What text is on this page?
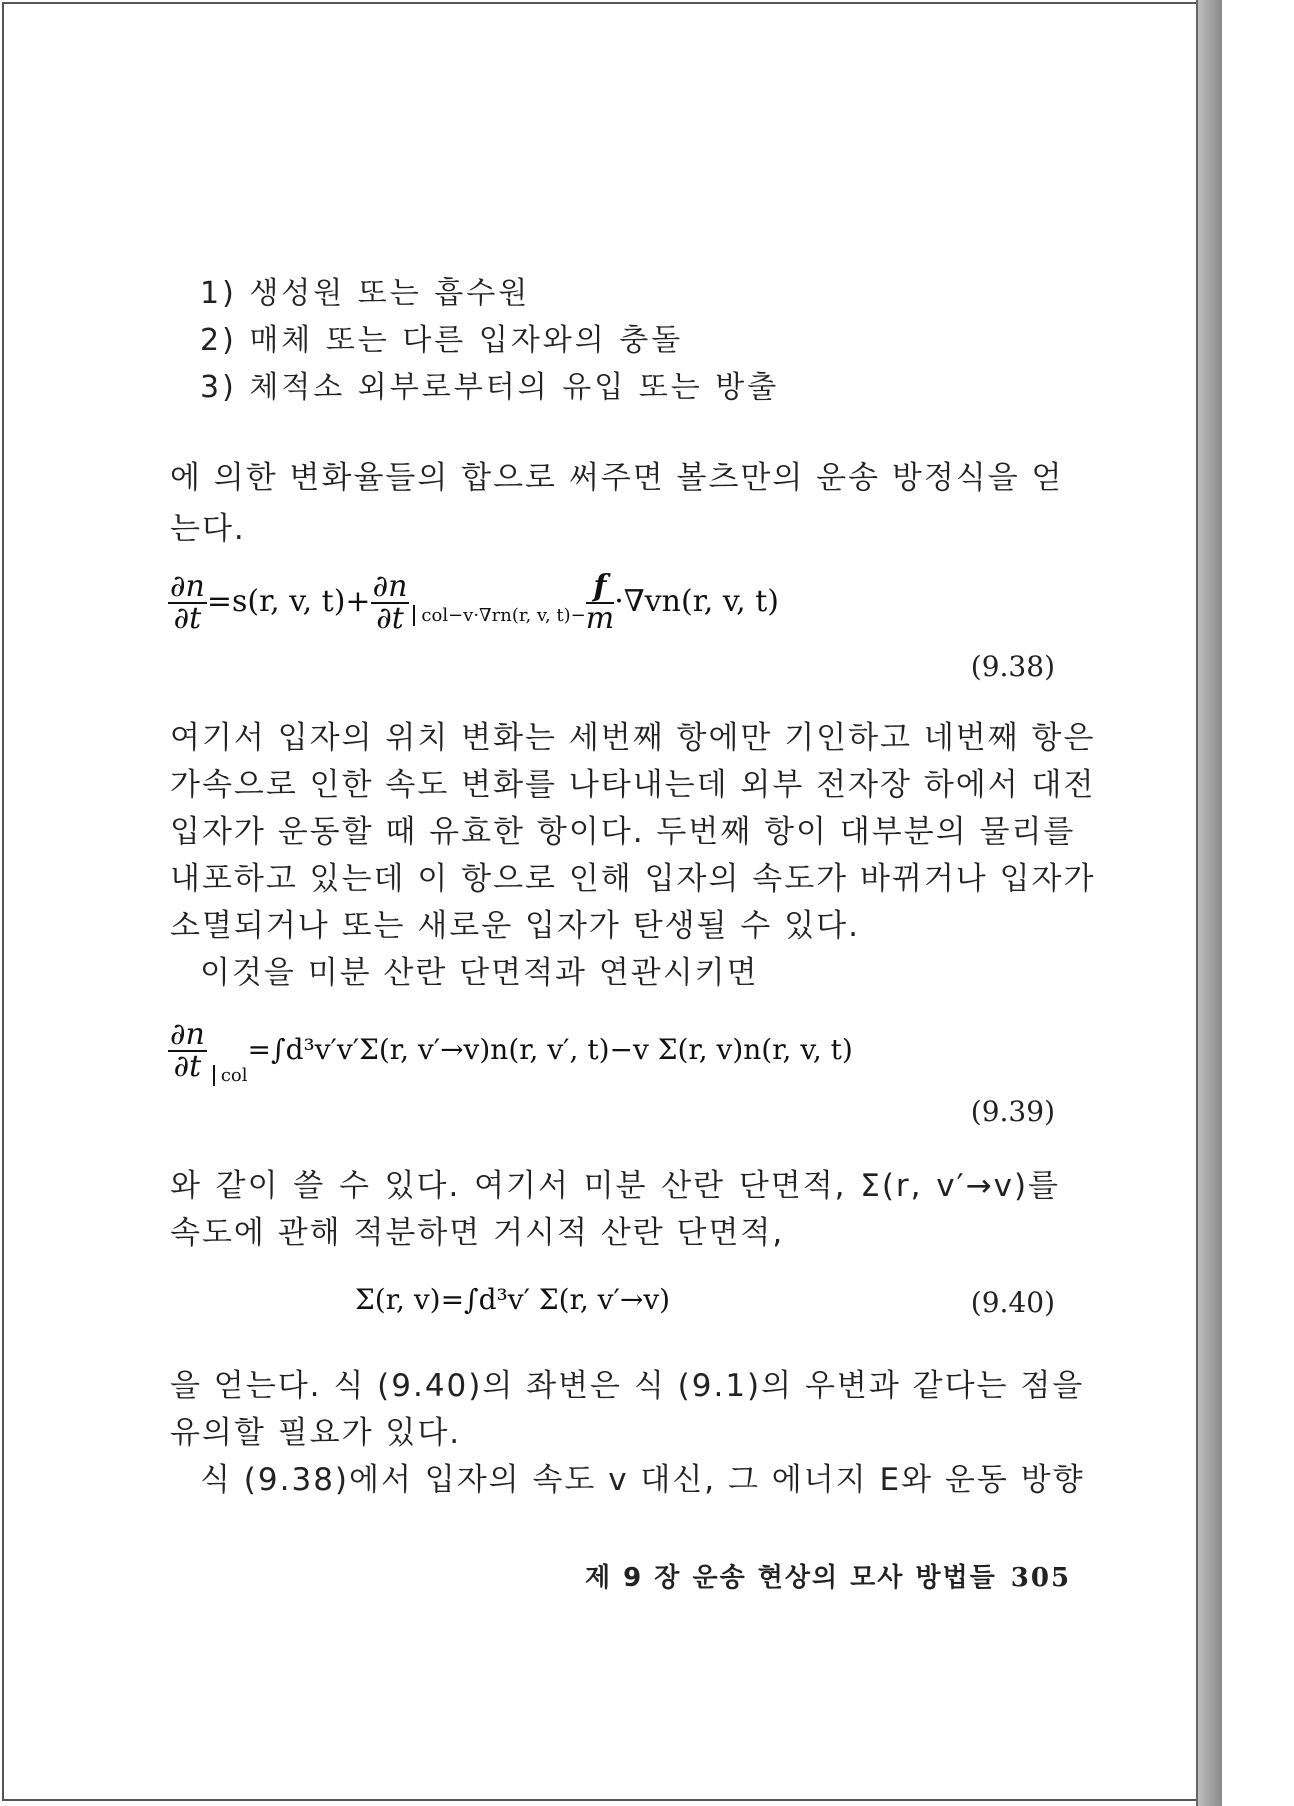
1) 생성원 또는 흡수원
2) 매체 또는 다른 입자와의 충돌
3) 체적소 외부로부터의 유입 또는 방출
에 의한 변화율들의 합으로 써주면 볼츠만의 운송 방정식을 얻
는다.
$\frac{\partial n}{\partial t} =s(r$, v, $t)+ \frac{\partial n}{\partial t} _{col-v\cdot\nabla rn(r, v, t)-} \frac{f}{m} \cdot\nabla vn(r$, v, t)
(9.38)
여기서 입자의 위치 변화는 세번째 항에만 기인하고 네번째 항은
가속으로 인한 속도 변화를 나타내는데 외부 전자장 하에서 대전
입자가 운동할 때 유효한 항이다. 두번째 항이 대부분의 물리를
내포하고 있는데 이 항으로 인해 입자의 속도가 바뀌거나 입자가
소멸되거나 또는 새로운 입자가 탄생될 수 있다.
이것을 미분 산란 단면적과 연관시키면
$\frac{\partial n}{\partial t} _{col}=\int d^3v'v'\Sigma(r$, v′→v)n(r, v′, t)−v Σ(r, v)n(r, v, t)
(9.39)
와 같이 쓸 수 있다. 여기서 미분 산란 단면적, Σ(r, v′→v)를
속도에 관해 적분하면 거시적 산란 단면적,
Σ(r, v)=∫d³v′ Σ(r, v′→v)	(9.40)
을 얻는다. 식 (9.40)의 좌변은 식 (9.1)의 우변과 같다는 점을
유의할 필요가 있다.
식 (9.38)에서 입자의 속도 v 대신, 그 에너지 E와 운동 방향
제 9 장 운송 현상의 모사 방법들 305
